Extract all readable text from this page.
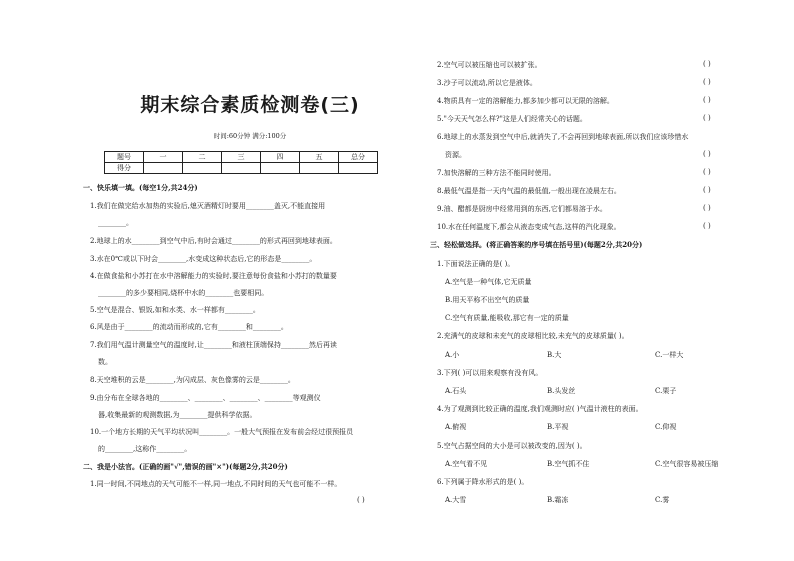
期末综合素质检测卷(三)
时间:60分钟 满分:100分
题号	一	二	三	四	五	总分
得分						
一、快乐填一填。(每空1分,共24分)
1.我们在做完给水加热的实验后,熄灭酒精灯时要用________盖灭,不能直接用
________。
2.地球上的水________到空气中后,有时会通过________的形式再回到地球表面。
3.水在0℃或以下时会________,水变成这种状态后,它的形态是________。
4.在做食盐和小苏打在水中溶解能力的实验时,要注意每份食盐和小苏打的数量要
________的多少要相同,烧杯中水的________也要相同。
5.空气是混合、银饭,如和水类、水一样都有________。
6.风是由于________的流动而形成的,它有________和________。
7.我们用气温计测量空气的温度时,让________和液柱顶端保持________然后再读
数。
8.天空堆积的云是________,为闪成层、灰色像雾的云是________。
9.由分布在全球各地的________、________、________、________等观测仪
器,收集最新的观测数据,为________提供科学依据。
10.一个地方长期的天气平均状况叫________。一般大气预报在发布前会经过很预报员
的________,这称作________。
二、我是小法官。(正确的画"√",错误的画"×")(每题2分,共20分)
1.同一时间,不同地点的天气可能不一样,同一地点,不同时间的天气也可能不一样。
( )
2.空气可以被压缩也可以被扩张。	( )
3.沙子可以流动,所以它是液体。	( )
4.物质具有一定的溶解能力,都多加少都可以无限的溶解。	( )
5."今天天气怎么样?"这是人们经常关心的话题。	( )
6.地球上的水蒸发到空气中后,就消失了,不会再回到地球表面,所以我们应该珍惜水
资源。	( )
7.加快溶解的三种方法不能同时使用。	( )
8.最低气温是指一天内气温的最低值,一般出现在凌晨左右。	( )
9.油、醋都是厨房中经常用到的东西,它们都易溶于水。	( )
10.水在任何温度下,都会从液态变成气态,这样的汽化现象。	( )
三、轻松做选择。(将正确答案的序号填在括号里)(每题2分,共20分)
1.下面说法正确的是( )。
A.空气是一种气体,它无质量
B.用天平称不出空气的质量
C.空气有质量,能吸收,那它有一定的质量
2.充满气的皮球和未充气的皮球相比较,未充气的皮球质量( )。
A.小	B.大	C.一样大
3.下列( )可以用来观察有没有风。
A.石头	B.头发丝	C.栗子
4.为了观测到比较正确的温度,我们观测时应( )气温计液柱的表面。
A.俯视	B.平视	C.仰视
5.空气占据空间的大小是可以被改变的,因为( )。
A.空气看不见	B.空气抓不住	C.空气很容易被压缩
6.下列属于降水形式的是( )。
A.大雪	B.霜冻	C.雾
